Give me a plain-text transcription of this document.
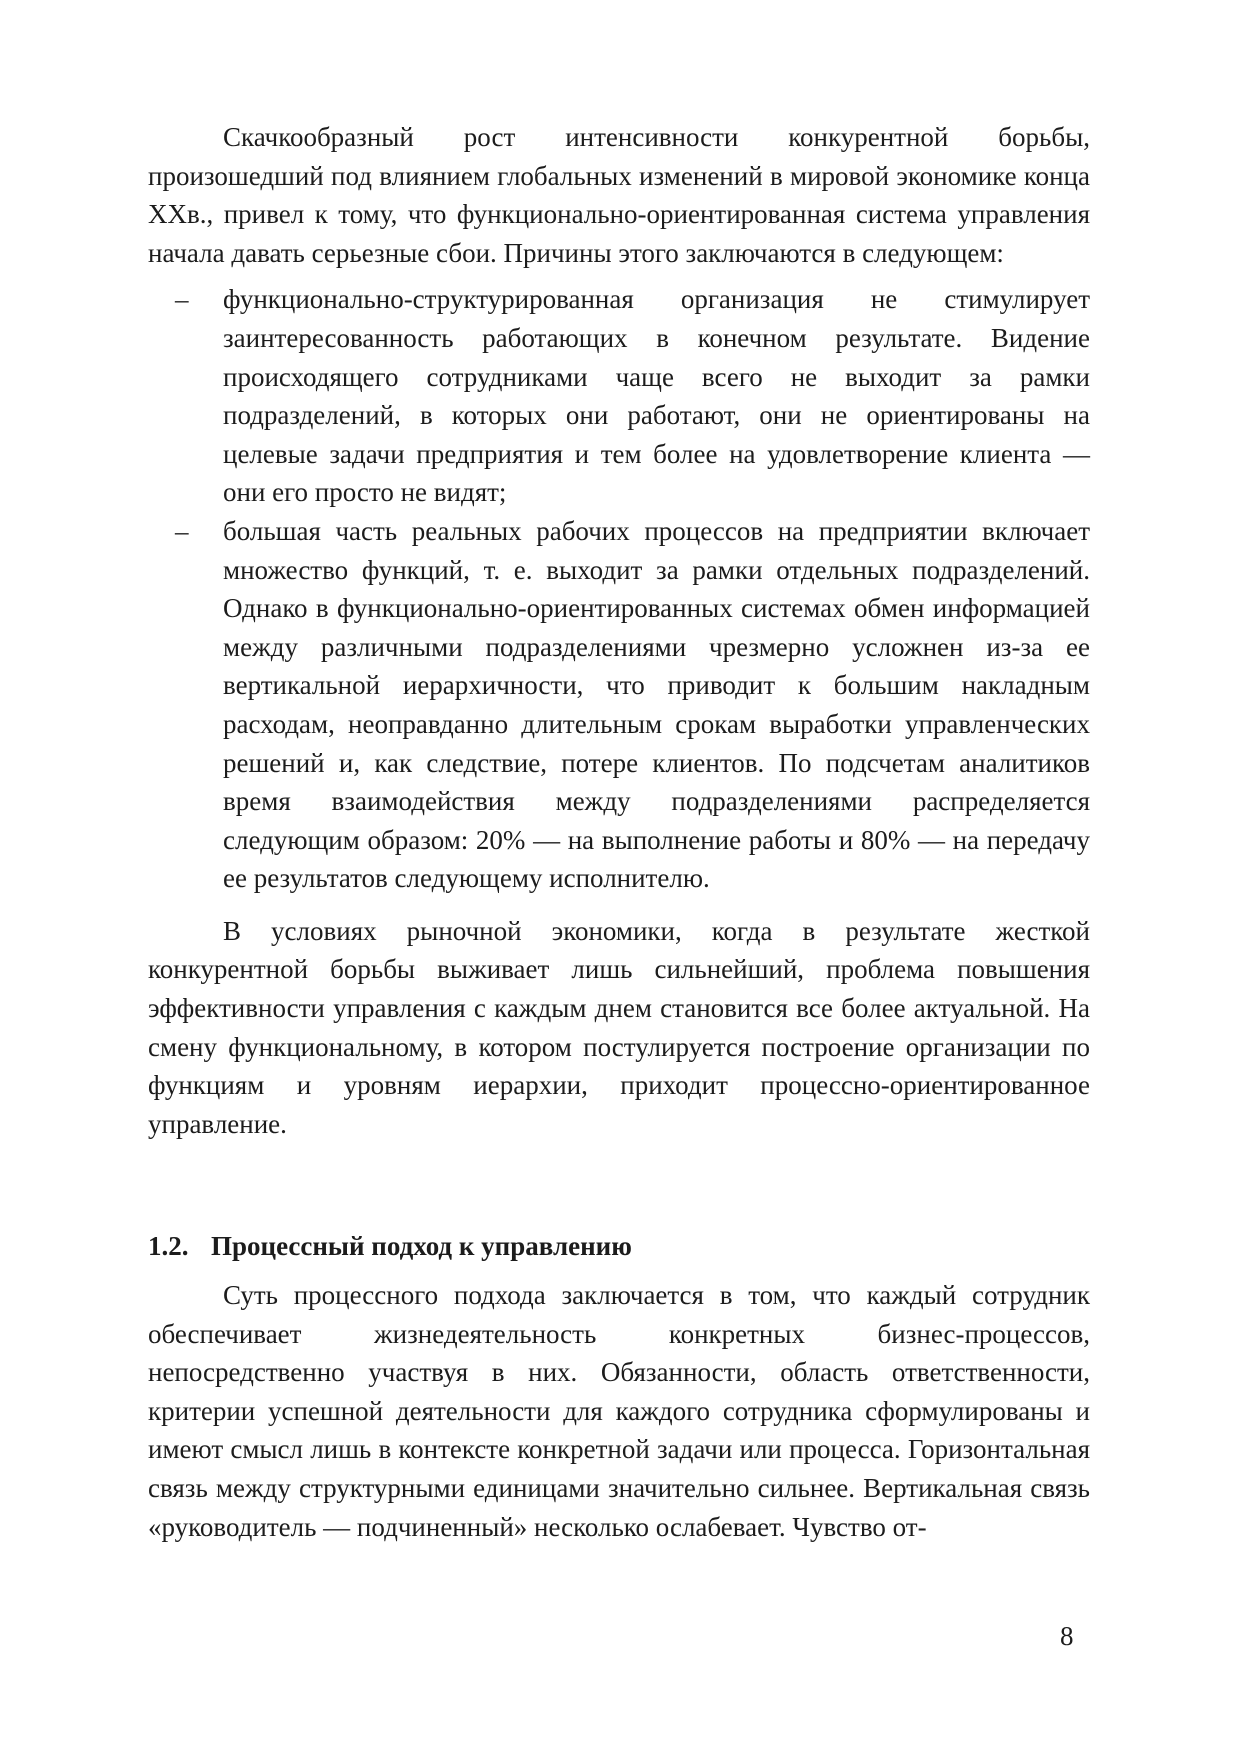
Скачкообразный рост интенсивности конкурентной борьбы, произошедший под влиянием глобальных изменений в мировой экономике конца XXв., привел к тому, что функционально-ориентированная система управления начала давать серьезные сбои. Причины этого заключаются в следующем:

– функционально-структурированная организация не стимулирует заинтересованность работающих в конечном результате. Видение происходящего сотрудниками чаще всего не выходит за рамки подразделений, в которых они работают, они не ориентированы на целевые задачи предприятия и тем более на удовлетворение клиента — они его просто не видят;
– большая часть реальных рабочих процессов на предприятии включает множество функций, т. е. выходит за рамки отдельных подразделений. Однако в функционально-ориентированных системах обмен информацией между различными подразделениями чрезмерно усложнен из-за ее вертикальной иерархичности, что приводит к большим накладным расходам, неоправданно длительным срокам выработки управленческих решений и, как следствие, потере клиентов. По подсчетам аналитиков время взаимодействия между подразделениями распределяется следующим образом: 20% — на выполнение работы и 80% — на передачу ее результатов следующему исполнителю.

В условиях рыночной экономики, когда в результате жесткой конкурентной борьбы выживает лишь сильнейший, проблема повышения эффективности управления с каждым днем становится все более актуальной. На смену функциональному, в котором постулируется построение организации по функциям и уровням иерархии, приходит процессно-ориентированное управление.

1.2. Процессный подход к управлению

Суть процессного подхода заключается в том, что каждый сотрудник обеспечивает жизнедеятельность конкретных бизнес-процессов, непосредственно участвуя в них. Обязанности, область ответственности, критерии успешной деятельности для каждого сотрудника сформулированы и имеют смысл лишь в контексте конкретной задачи или процесса. Горизонтальная связь между структурными единицами значительно сильнее. Вертикальная связь «руководитель — подчиненный» несколько ослабевает. Чувство от-

8
